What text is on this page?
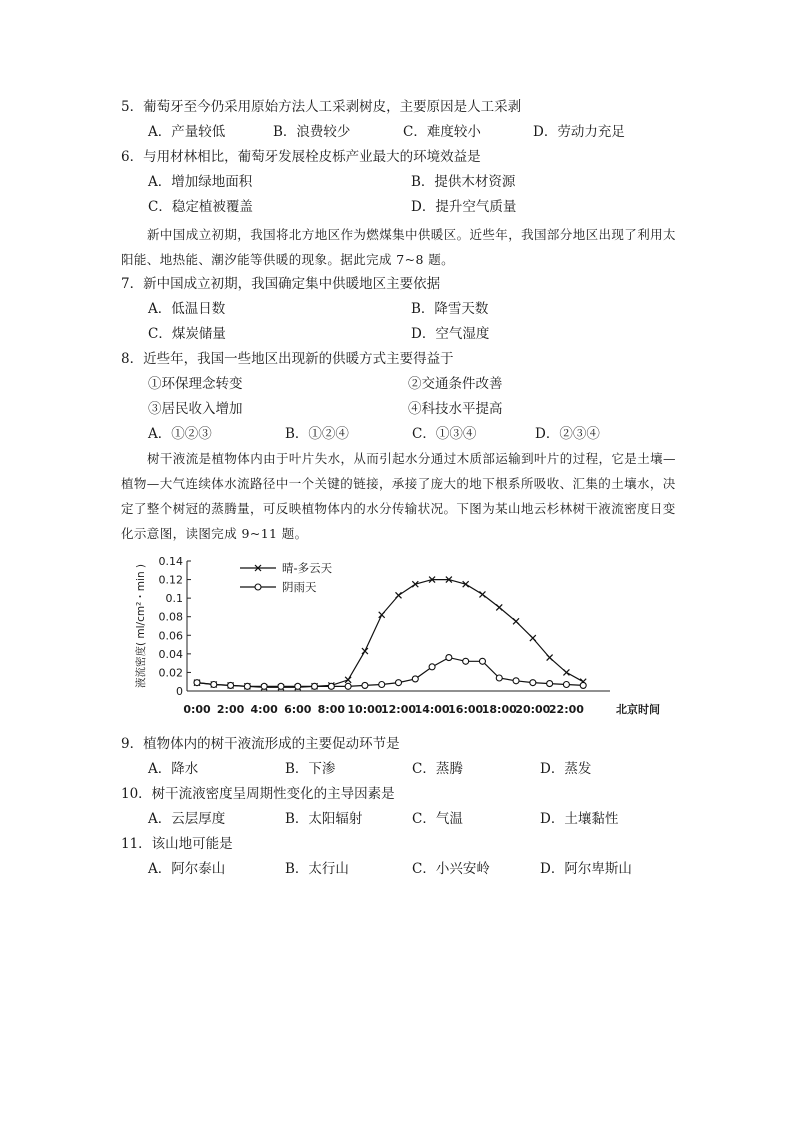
5．葡萄牙至今仍采用原始方法人工采剥树皮，主要原因是人工采剥
A．产量较低	B．浪费较少	C．难度较小	D．劳动力充足
6．与用材林相比，葡萄牙发展栓皮栎产业最大的环境效益是
A．增加绿地面积	B．提供木材资源
C．稳定植被覆盖	D．提升空气质量
新中国成立初期，我国将北方地区作为燃煤集中供暖区。近些年，我国部分地区出现了利用太阳能、地热能、潮汐能等供暖的现象。据此完成 7~8 题。
7．新中国成立初期，我国确定集中供暖地区主要依据
A．低温日数	B．降雪天数
C．煤炭储量	D．空气湿度
8．近些年，我国一些地区出现新的供暖方式主要得益于
①环保理念转变	②交通条件改善
③居民收入增加	④科技水平提高
A．①②③	B．①②④	C．①③④	D．②③④
树干液流是植物体内由于叶片失水，从而引起水分通过木质部运输到叶片的过程，它是土壤—植物—大气连续体水流路径中一个关键的链接，承接了庞大的地下根系所吸收、汇集的土壤水，决定了整个树冠的蒸腾量，可反映植物体内的水分传输状况。下图为某山地云杉林树干液流密度日变化示意图，读图完成 9~11 题。
0
0.02
0.04
0.06
0.08
0.1
0.12
0.14
液流密度( ml/cm²・min )
0:00 2:00 4:00 6:00 8:00 10:00
12:00
14:00
16:00
18:00
20:00
22:00	北京时间
晴-多云天
阴雨天
9．植物体内的树干液流形成的主要促动环节是
A．降水	B．下渗	C．蒸腾	D．蒸发
10．树干流液密度呈周期性变化的主导因素是
A．云层厚度	B．太阳辐射	C．气温	D．土壤黏性
11．该山地可能是
A．阿尔泰山	B．太行山	C．小兴安岭	D．阿尔卑斯山
